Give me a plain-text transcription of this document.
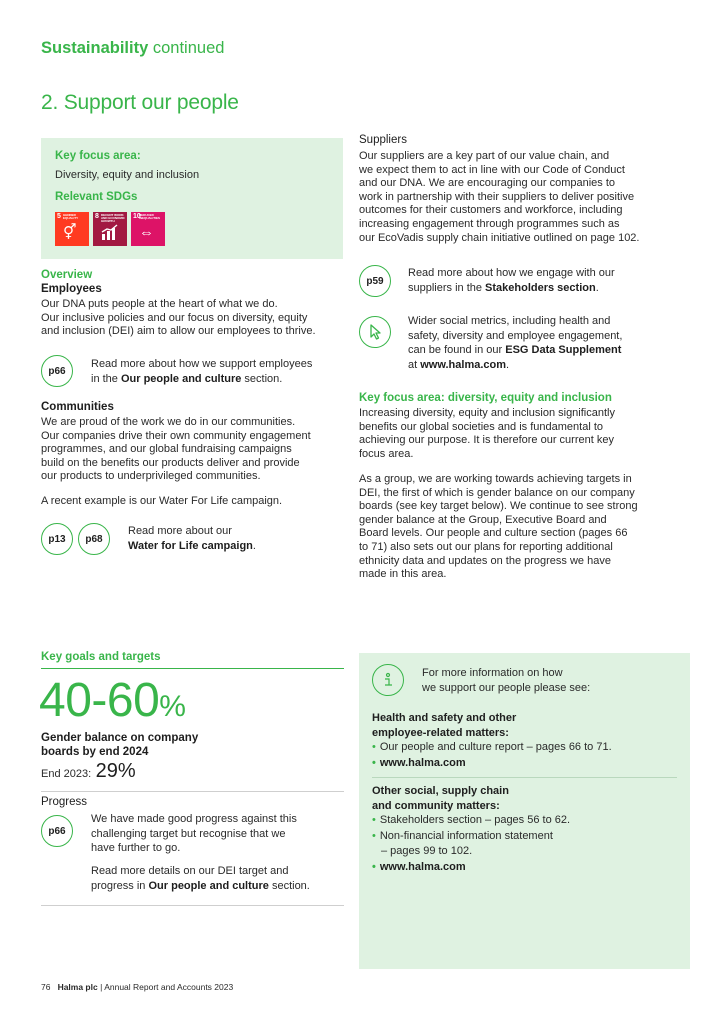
Sustainability continued
2. Support our people
Key focus area:
Diversity, equity and inclusion
Relevant SDGs
5 GENDER EQUALITY
⚥
8 DECENT WORK AND ECONOMIC GROWTH
10
REDUCED INEQUALITIES
⇔
Overview
Employees
Our DNA puts people at the heart of what we do.
Our inclusive policies and our focus on diversity, equity
and inclusion (DEI) aim to allow our employees to thrive.
p66
Read more about how we support employees
in the Our people and culture section.
Communities
We are proud of the work we do in our communities.
Our companies drive their own community engagement
programmes, and our global fundraising campaigns
build on the benefits our products deliver and provide
our products to underprivileged communities.
A recent example is our Water For Life campaign.
p13	p68
Read more about our
Water for Life campaign.
Suppliers
Our suppliers are a key part of our value chain, and
we expect them to act in line with our Code of Conduct
and our DNA. We are encouraging our companies to
work in partnership with their suppliers to deliver positive
outcomes for their customers and workforce, including
increasing engagement through programmes such as
our EcoVadis supply chain initiative outlined on page 102.
p59
Read more about how we engage with our
suppliers in the Stakeholders section.
Wider social metrics, including health and
safety, diversity and employee engagement,
can be found in our ESG Data Supplement
at www.halma.com.
Key focus area: diversity, equity and inclusion
Increasing diversity, equity and inclusion significantly
benefits our global societies and is fundamental to
achieving our purpose. It is therefore our current key
focus area.
As a group, we are working towards achieving targets in
DEI, the first of which is gender balance on our company
boards (see key target below). We continue to see strong
gender balance at the Group, Executive Board and
Board levels. Our people and culture section (pages 66
to 71) also sets out our plans for reporting additional
ethnicity data and updates on the progress we have
made in this area.
Key goals and targets
40-60%
Gender balance on company
boards by end 2024
End 2023: 29%
Progress
p66
We have made good progress against this
challenging target but recognise that we
have further to go.
Read more details on our DEI target and
progress in Our people and culture section.
For more information on how
we support our people please see:
Health and safety and other
employee-related matters:
• Our people and culture report – pages 66 to 71.
• www.halma.com
Other social, supply chain
and community matters:
• Stakeholders section – pages 56 to 62.
• Non-financial information statement
– pages 99 to 102.
• www.halma.com
76 Halma plc | Annual Report and Accounts 2023
